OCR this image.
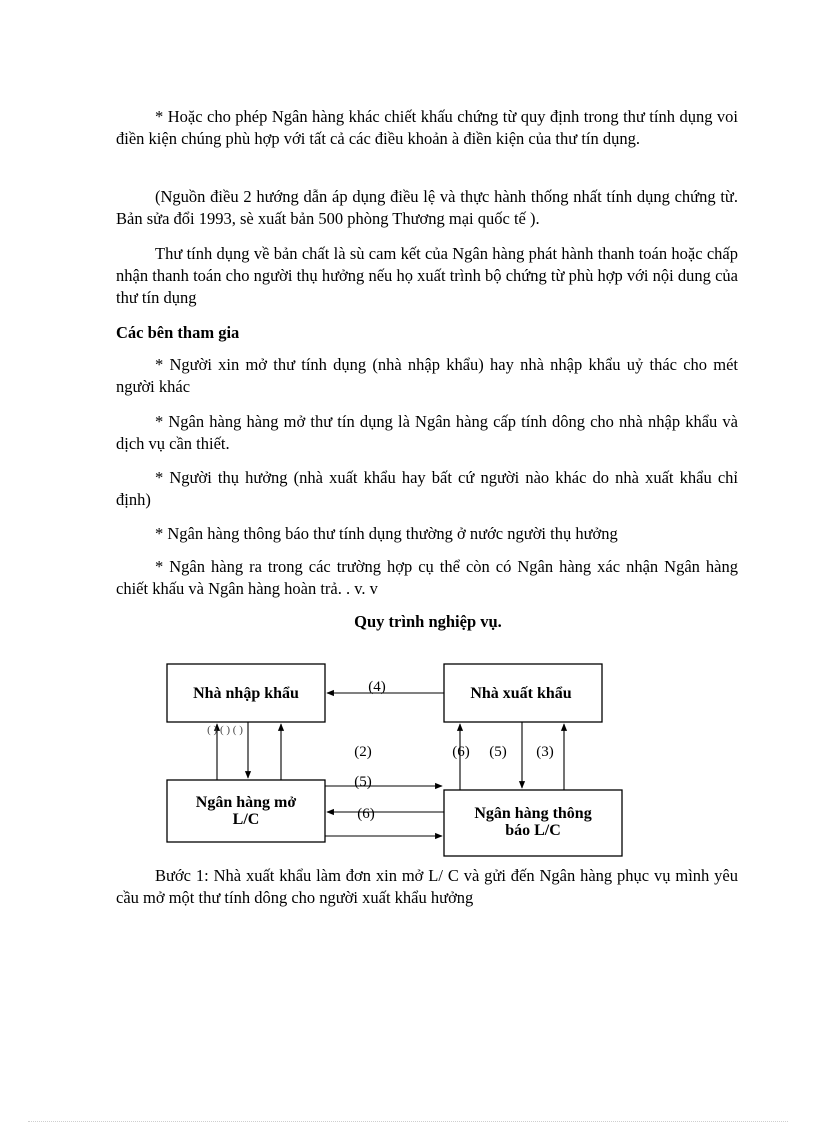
* Hoặc cho phép Ngân hàng khác chiết khấu chứng từ quy định trong thư tính dụng voi điền kiện chúng phù hợp với tất cả các điều khoản à điền kiện của thư tín dụng.

(Nguồn điều 2 hướng dẫn áp dụng điều lệ và thực hành thống nhất tính dụng chứng từ. Bản sửa đổi 1993, sè xuất bản 500 phòng Thương mại quốc tế ).

Thư tính dụng về bản chất là sù cam kết của Ngân hàng phát hành thanh toán hoặc chấp nhận thanh toán cho người thụ hưởng nếu họ xuất trình bộ chứng từ phù hợp với nội dung của thư tín dụng

Các bên tham gia

* Người xin mở thư tính dụng (nhà nhập khẩu) hay nhà nhập khẩu uỷ thác cho mét người khác

* Ngân hàng hàng mở thư tín dụng là Ngân hàng cấp tính dông cho nhà nhập khẩu và dịch vụ cần thiết.

* Người thụ hưởng (nhà xuất khẩu hay bất cứ người nào khác do nhà xuất khẩu chỉ định)

* Ngân hàng thông báo thư tính dụng thường ở nước người thụ hưởng

* Ngân hàng ra trong các trường hợp cụ thể còn có Ngân hàng xác nhận Ngân hàng chiết khấu và Ngân hàng hoàn trả. . v. v

Quy trình nghiệp vụ.

Nhà nhập khẩu	Nhà xuất khẩu
Ngân hàng mở
L/C	Ngân hàng thông
báo L/C
(4)
( ) ( ) ( )
(2)	(6) (5) (3)
(5)
(6)

Bước 1: Nhà xuất khẩu làm đơn xin mở L/ C và gửi đến Ngân hàng phục vụ mình yêu cầu mở một thư tính dông cho người xuất khẩu hưởng
